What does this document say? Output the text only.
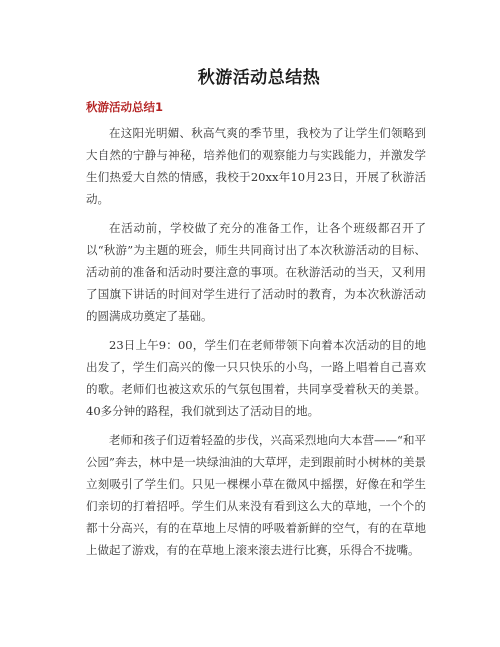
秋游活动总结热
秋游活动总结1

在这阳光明媚、秋高气爽的季节里，我校为了让学生们领略到大自然的宁静与神秘，培养他们的观察能力与实践能力，并激发学生们热爱大自然的情感，我校于20xx年10月23日，开展了秋游活动。

在活动前，学校做了充分的准备工作，让各个班级都召开了以“秋游”为主题的班会，师生共同商讨出了本次秋游活动的目标、活动前的准备和活动时要注意的事项。在秋游活动的当天，又利用了国旗下讲话的时间对学生进行了活动时的教育，为本次秋游活动的圆满成功奠定了基础。

23日上午9：00，学生们在老师带领下向着本次活动的目的地出发了，学生们高兴的像一只只快乐的小鸟，一路上唱着自己喜欢的歌。老师们也被这欢乐的气氛包围着，共同享受着秋天的美景。40多分钟的路程，我们就到达了活动目的地。

老师和孩子们迈着轻盈的步伐，兴高采烈地向大本营——“和平公园”奔去，林中是一块绿油油的大草坪，走到跟前时小树林的美景立刻吸引了学生们。只见一棵棵小草在微风中摇摆，好像在和学生们亲切的打着招呼。学生们从来没有看到这么大的草地，一个个的都十分高兴，有的在草地上尽情的呼吸着新鲜的空气，有的在草地上做起了游戏，有的在草地上滚来滚去进行比赛，乐得合不拢嘴。
